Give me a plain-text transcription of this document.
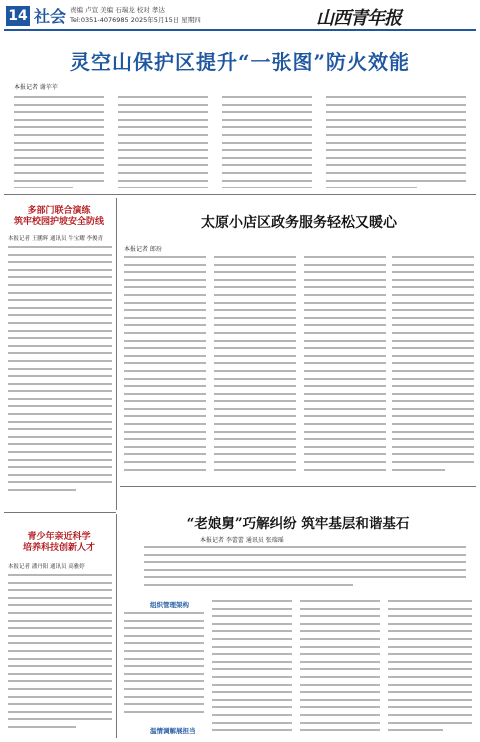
14 社会 责编 卢宣 美编 石瑞龙 校对 孝达
Tel:0351-4076985 2025年5月15日 星期四	山西青年报
灵空山保护区提升“一张图”防火效能
本报记者 谢苹苹
多部门联合演练
筑牢校园护坡安全防线
本报记者 王鹏辉 通讯员 牛宝耀 李俊青
太原小店区政务服务轻松又暖心
本报记者 郎玢
“老娘舅”巧解纠纷 筑牢基层和谐基石
本报记者 李蕾蕾 通讯员 张瑞瑶
组织管理架构
温情调解展担当
青少年亲近科学
培养科技创新人才
本报记者 潘丹阳 通讯员 高雅婷
